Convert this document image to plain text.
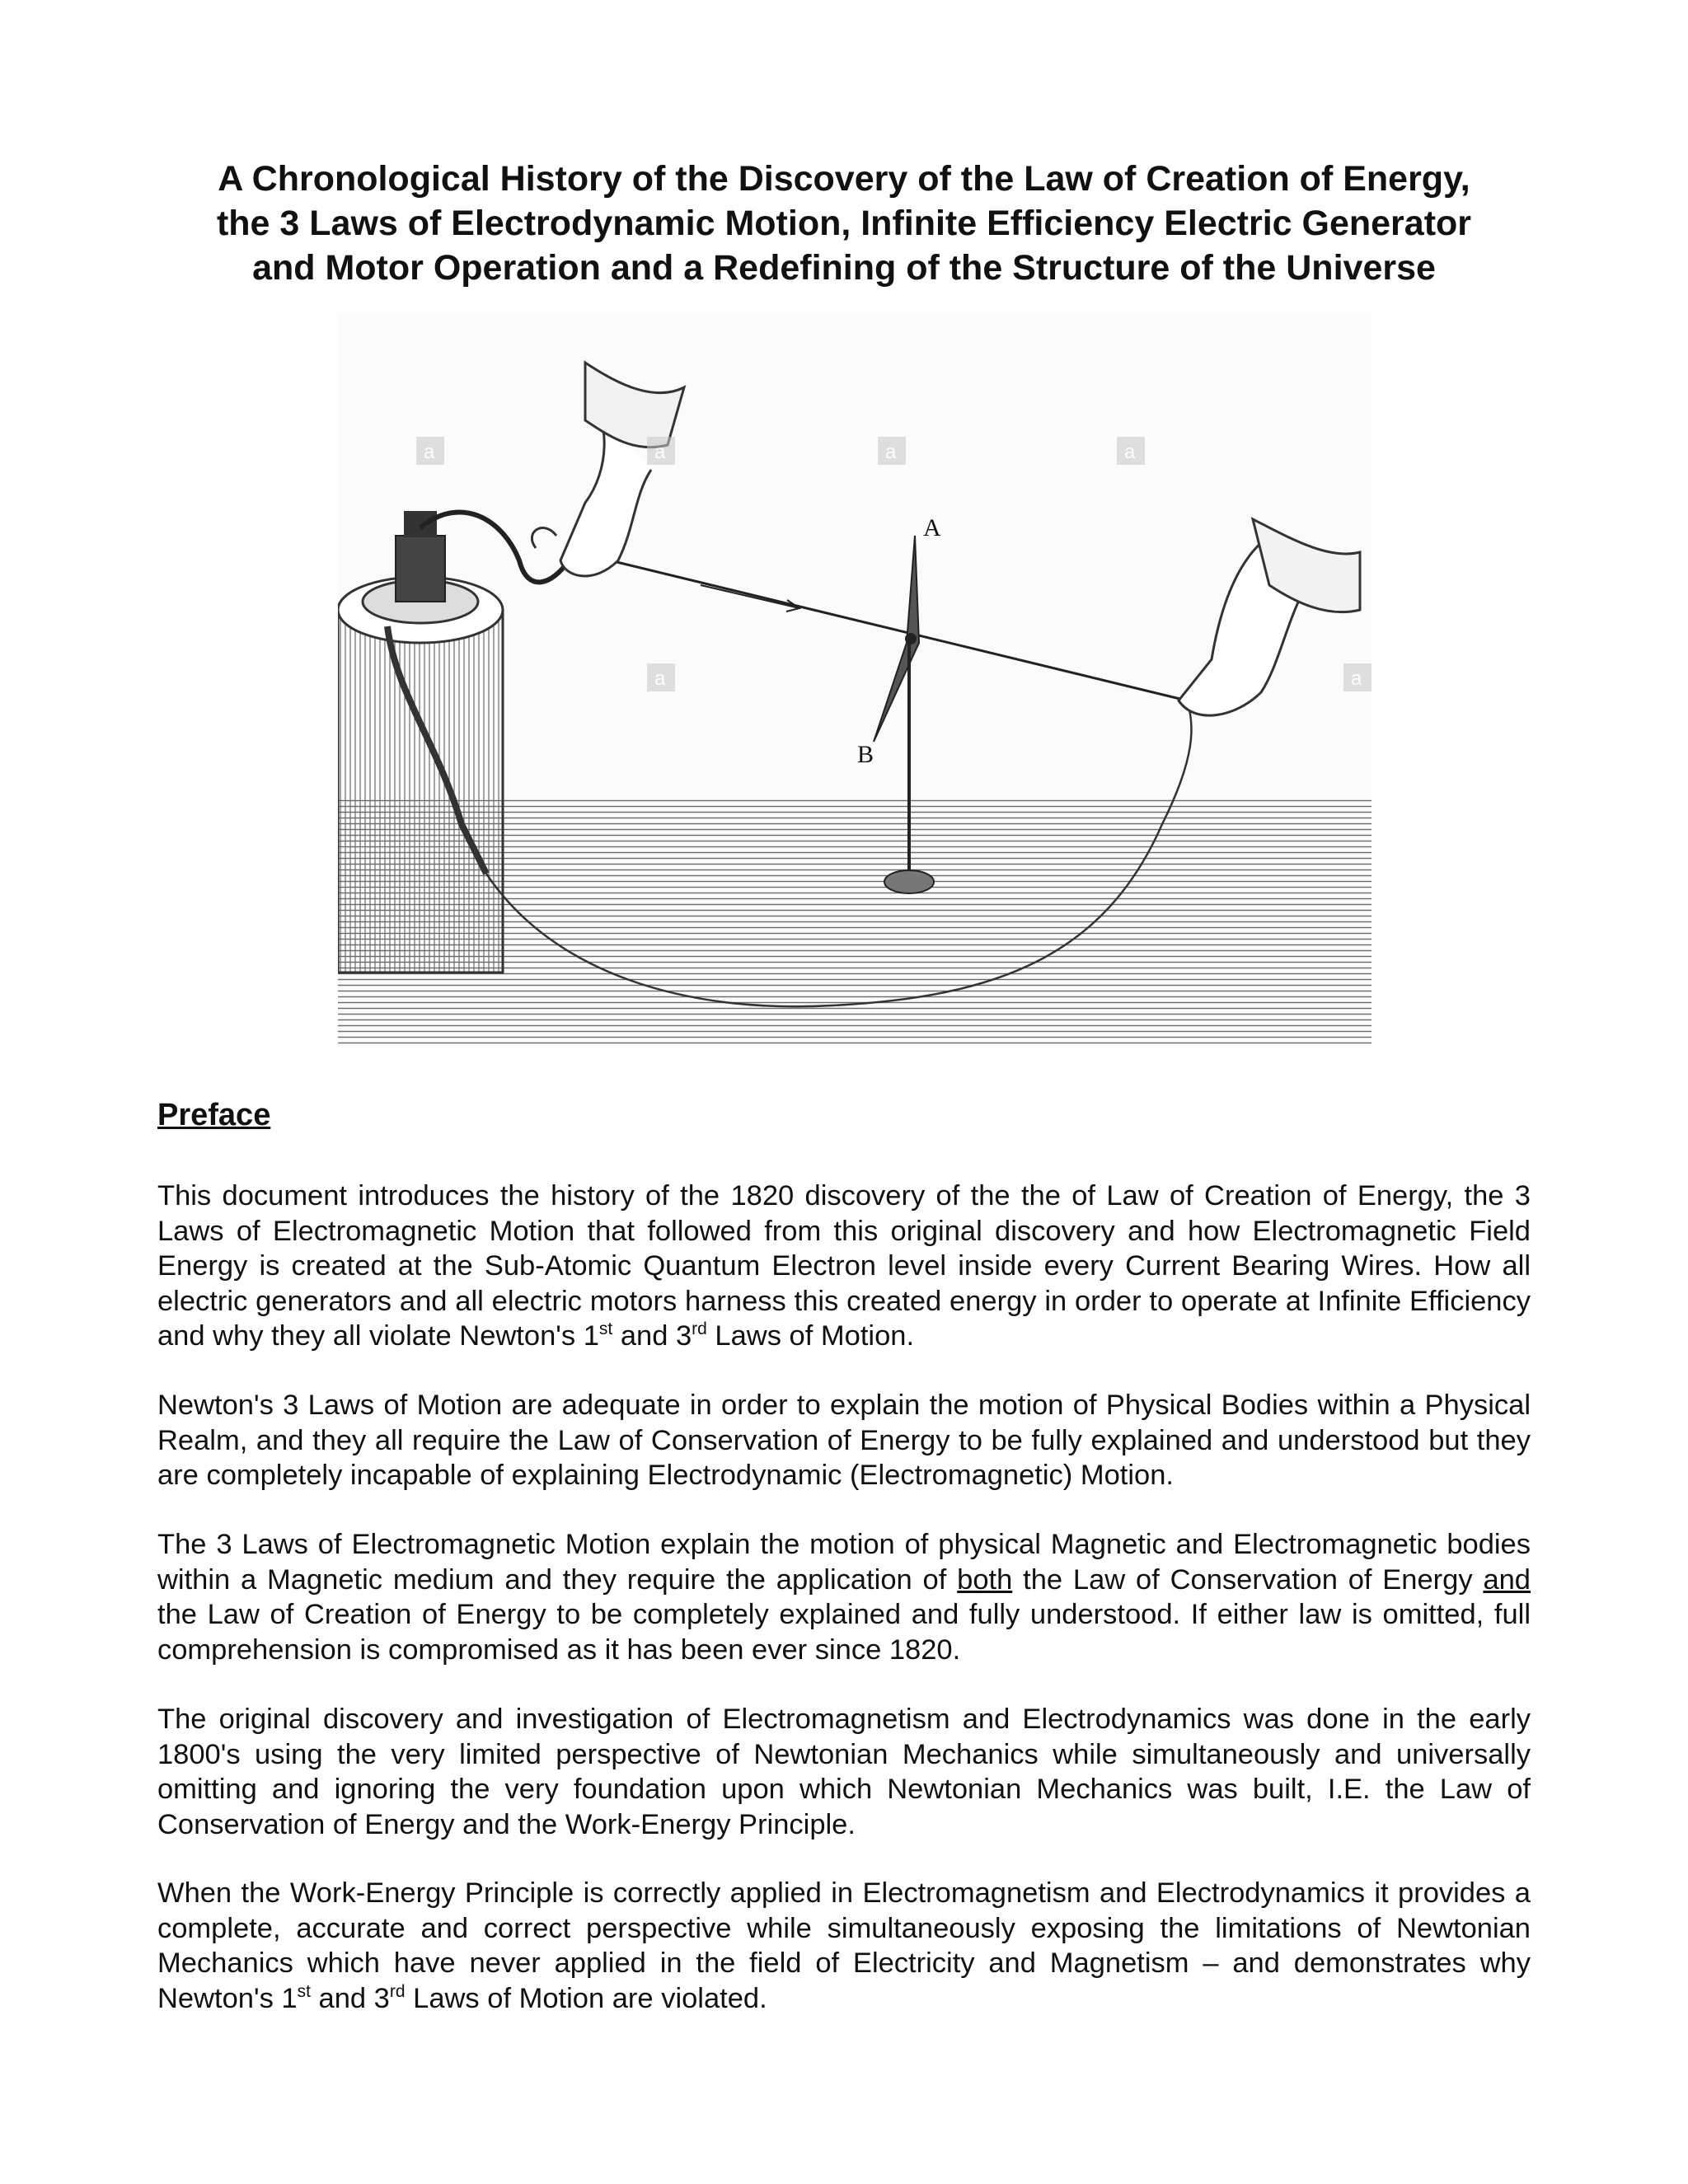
A Chronological History of the Discovery of the Law of Creation of Energy,
the 3 Laws of Electrodynamic Motion, Infinite Efficiency Electric Generator
and Motor Operation and a Redefining of the Structure of the Universe
A
B
a	a	a	a
a	a
Preface

This document introduces the history of the 1820 discovery of the the of Law of Creation of Energy, the 3 Laws of Electromagnetic Motion that followed from this original discovery and how Electromagnetic Field Energy is created at the Sub-Atomic Quantum Electron level inside every Current Bearing Wires. How all electric generators and all electric motors harness this created energy in order to operate at Infinite Efficiency and why they all violate Newton's 1st and 3rd Laws of Motion.

Newton's 3 Laws of Motion are adequate in order to explain the motion of Physical Bodies within a Physical Realm, and they all require the Law of Conservation of Energy to be fully explained and understood but they are completely incapable of explaining Electrodynamic (Electromagnetic) Motion.

The 3 Laws of Electromagnetic Motion explain the motion of physical Magnetic and Electromagnetic bodies within a Magnetic medium and they require the application of both the Law of Conservation of Energy and the Law of Creation of Energy to be completely explained and fully understood. If either law is omitted, full comprehension is compromised as it has been ever since 1820.

The original discovery and investigation of Electromagnetism and Electrodynamics was done in the early 1800's using the very limited perspective of Newtonian Mechanics while simultaneously and universally omitting and ignoring the very foundation upon which Newtonian Mechanics was built, I.E. the Law of Conservation of Energy and the Work-Energy Principle.

When the Work-Energy Principle is correctly applied in Electromagnetism and Electrodynamics it provides a complete, accurate and correct perspective while simultaneously exposing the limitations of Newtonian Mechanics which have never applied in the field of Electricity and Magnetism – and demonstrates why Newton's 1st and 3rd Laws of Motion are violated.
